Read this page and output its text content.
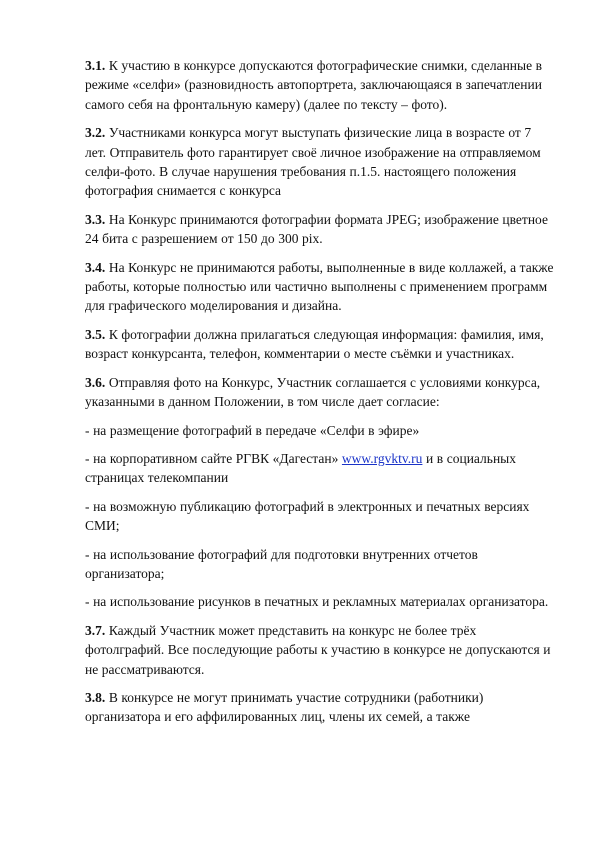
3.1. К участию в конкурсе допускаются фотографические снимки, сделанные в режиме «селфи» (разновидность автопортрета, заключающаяся в запечатлении самого себя на фронтальную камеру) (далее по тексту – фото).

3.2. Участниками конкурса могут выступать физические лица в возрасте от 7 лет. Отправитель фото гарантирует своё личное изображение на отправляемом селфи-фото. В случае нарушения требования п.1.5. настоящего положения фотография снимается с конкурса

3.3. На Конкурс принимаются фотографии формата JPEG; изображение цветное 24 бита с разрешением от 150 до 300 pix.

3.4. На Конкурс не принимаются работы, выполненные в виде коллажей, а также работы, которые полностью или частично выполнены с применением программ для графического моделирования и дизайна.

3.5. К фотографии должна прилагаться следующая информация: фамилия, имя, возраст конкурсанта, телефон, комментарии о месте съёмки и участниках.

3.6. Отправляя фото на Конкурс, Участник соглашается с условиями конкурса, указанными в данном Положении, в том числе дает согласие:

- на размещение фотографий в передаче «Селфи в эфире»

- на корпоративном сайте РГВК «Дагестан» www.rgvktv.ru и в социальных страницах телекомпании

- на возможную публикацию фотографий в электронных и печатных версиях СМИ;

- на использование фотографий для подготовки внутренних отчетов организатора;

- на использование рисунков в печатных и рекламных материалах организатора.

3.7. Каждый Участник может представить на конкурс не более трёх фотолграфий. Все последующие работы к участию в конкурсе не допускаются и не рассматриваются.

3.8. В конкурсе не могут принимать участие сотрудники (работники) организатора и его аффилированных лиц, члены их семей, а также
